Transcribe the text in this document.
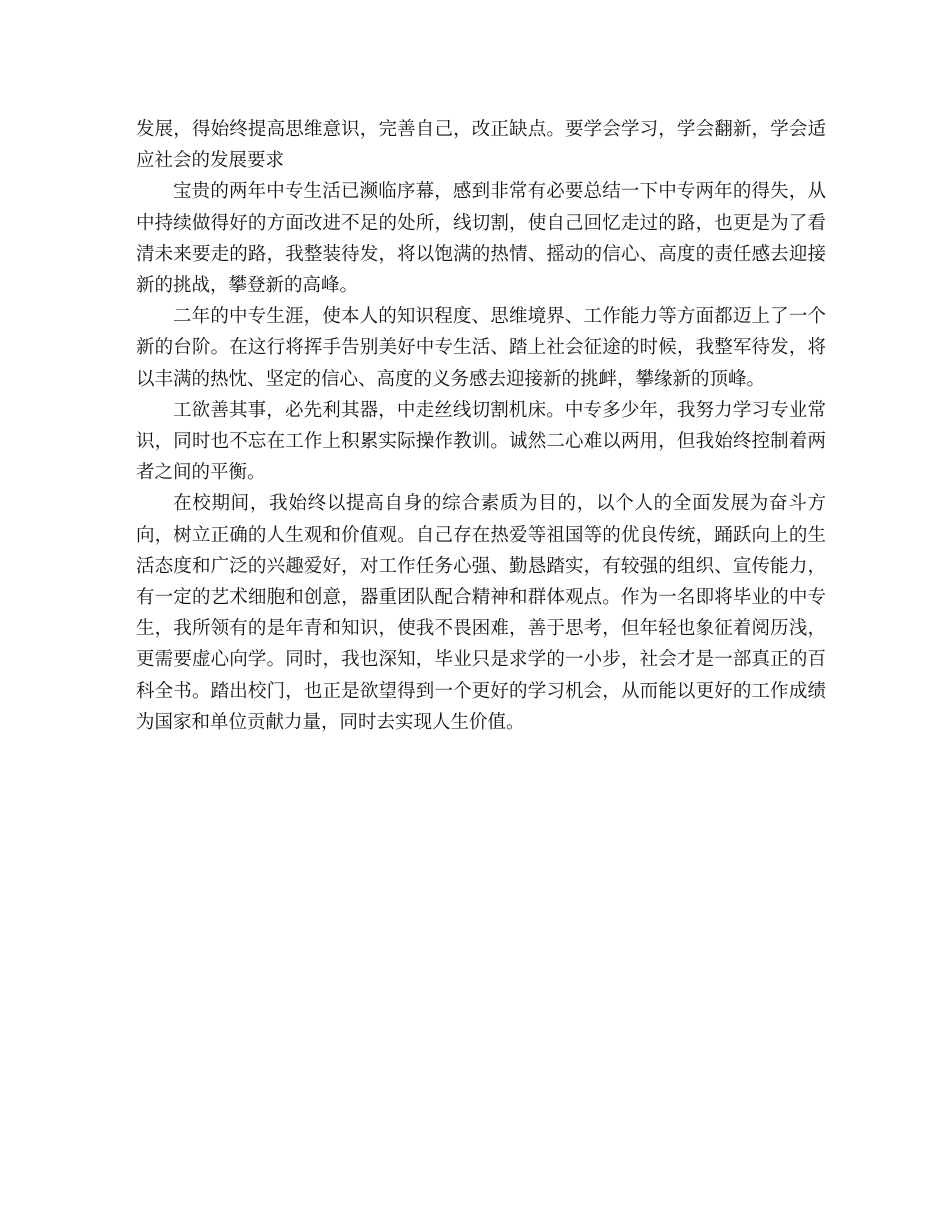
发展，得始终提高思维意识，完善自己，改正缺点。要学会学习，学会翻新，学会适应社会的发展要求

宝贵的两年中专生活已濒临序幕，感到非常有必要总结一下中专两年的得失，从中持续做得好的方面改进不足的处所，线切割，使自己回忆走过的路，也更是为了看清未来要走的路，我整装待发，将以饱满的热情、摇动的信心、高度的责任感去迎接新的挑战，攀登新的高峰。

二年的中专生涯，使本人的知识程度、思维境界、工作能力等方面都迈上了一个新的台阶。在这行将挥手告别美好中专生活、踏上社会征途的时候，我整军待发，将以丰满的热忱、坚定的信心、高度的义务感去迎接新的挑衅，攀缘新的顶峰。

工欲善其事，必先利其器，中走丝线切割机床。中专多少年，我努力学习专业常识，同时也不忘在工作上积累实际操作教训。诚然二心难以两用，但我始终控制着两者之间的平衡。

在校期间，我始终以提高自身的综合素质为目的，以个人的全面发展为奋斗方向，树立正确的人生观和价值观。自己存在热爱等祖国等的优良传统，踊跃向上的生活态度和广泛的兴趣爱好，对工作任务心强、勤恳踏实，有较强的组织、宣传能力，有一定的艺术细胞和创意，器重团队配合精神和群体观点。作为一名即将毕业的中专生，我所领有的是年青和知识，使我不畏困难，善于思考，但年轻也象征着阅历浅，更需要虚心向学。同时，我也深知，毕业只是求学的一小步，社会才是一部真正的百科全书。踏出校门，也正是欲望得到一个更好的学习机会，从而能以更好的工作成绩为国家和单位贡献力量，同时去实现人生价值。
